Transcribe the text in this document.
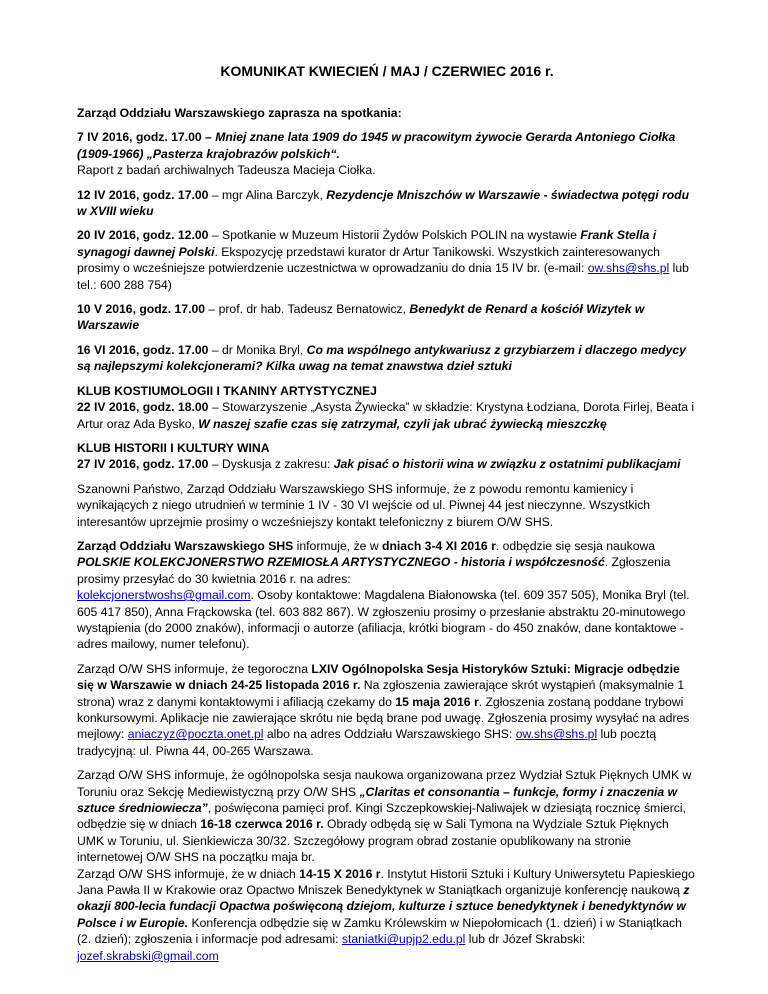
KOMUNIKAT KWIECIEŃ / MAJ / CZERWIEC 2016 r.

Zarząd Oddziału Warszawskiego zaprasza na spotkania:

7 IV 2016, godz. 17.00 – Mniej znane lata 1909 do 1945 w pracowitym żywocie Gerarda Antoniego Ciołka (1909-1966) „Pasterza krajobrazów polskich“.

Raport z badań archiwalnych Tadeusza Macieja Ciołka.

12 IV 2016, godz. 17.00 – mgr Alina Barczyk, Rezydencje Mniszchów w Warszawie - świadectwa potęgi rodu w XVIII wieku

20 IV 2016, godz. 12.00 – Spotkanie w Muzeum Historii Żydów Polskich POLIN na wystawie Frank Stella i synagogi dawnej Polski. Ekspozycję przedstawi kurator dr Artur Tanikowski. Wszystkich zainteresowanych prosimy o wcześniejsze potwierdzenie uczestnictwa w oprowadzaniu do dnia 15 IV br. (e-mail: ow.shs@shs.pl lub tel.: 600 288 754)

10 V 2016, godz. 17.00 – prof. dr hab. Tadeusz Bernatowicz, Benedykt de Renard a kościół Wizytek w Warszawie

16 VI 2016, godz. 17.00 – dr Monika Bryl, Co ma wspólnego antykwariusz z grzybiarzem i dlaczego medycy są najlepszymi kolekcjonerami? Kilka uwag na temat znawstwa dzieł sztuki

KLUB KOSTIUMOLOGII I TKANINY ARTYSTYCZNEJ
22 IV 2016, godz. 18.00 – Stowarzyszenie „Asysta Żywiecka” w składzie: Krystyna Łodziana, Dorota Firlej, Beata i Artur oraz Ada Bysko, W naszej szafie czas się zatrzymał, czyli jak ubrać żywiecką mieszczkę

KLUB HISTORII I KULTURY WINA
27 IV 2016, godz. 17.00 – Dyskusja z zakresu: Jak pisać o historii wina w związku z ostatnimi publikacjami

Szanowni Państwo, Zarząd Oddziału Warszawskiego SHS informuje, że z powodu remontu kamienicy i wynikających z niego utrudnień w terminie 1 IV - 30 VI wejście od ul. Piwnej 44 jest nieczynne. Wszystkich interesantów uprzejmie prosimy o wcześniejszy kontakt telefoniczny z biurem O/W SHS.

Zarząd Oddziału Warszawskiego SHS informuje, że w dniach 3-4 XI 2016 r. odbędzie się sesja naukowa POLSKIE KOLEKCJONERSTWO RZEMIOSŁA ARTYSTYCZNEGO - historia i współczesność. Zgłoszenia prosimy przesyłać do 30 kwietnia 2016 r. na adres:
kolekcjonerstwoshs@gmail.com. Osoby kontaktowe: Magdalena Białonowska (tel. 609 357 505), Monika Bryl (tel. 605 417 850), Anna Frąckowska (tel. 603 882 867). W zgłoszeniu prosimy o przesłanie abstraktu 20-minutowego wystąpienia (do 2000 znaków), informacji o autorze (afiliacja, krótki biogram - do 450 znaków, dane kontaktowe - adres mailowy, numer telefonu).

Zarząd O/W SHS informuje, że tegoroczna LXIV Ogólnopolska Sesja Historyków Sztuki: Migracje odbędzie się w Warszawie w dniach 24-25 listopada 2016 r. Na zgłoszenia zawierające skrót wystąpień (maksymalnie 1 strona) wraz z danymi kontaktowymi i afiliacją czekamy do 15 maja 2016 r. Zgłoszenia zostaną poddane trybowi konkursowymi. Aplikacje nie zawierające skrótu nie będą brane pod uwagę. Zgłoszenia prosimy wysyłać na adres mejlowy: aniaczyz@poczta.onet.pl albo na adres Oddziału Warszawskiego SHS: ow.shs@shs.pl lub pocztą tradycyjną: ul. Piwna 44, 00-265 Warszawa.

Zarząd O/W SHS informuje, że ogólnopolska sesja naukowa organizowana przez Wydział Sztuk Pięknych UMK w Toruniu oraz Sekcję Mediewistyczną przy O/W SHS „Claritas et consonantia – funkcje, formy i znaczenia w sztuce średniowiecza”, poświęcona pamięci prof. Kingi Szczepkowskiej-Naliwajek w dziesiątą rocznicę śmierci, odbędzie się w dniach 16-18 czerwca 2016 r. Obrady odbędą się w Sali Tymona na Wydziale Sztuk Pięknych UMK w Toruniu, ul. Sienkiewicza 30/32. Szczegółowy program obrad zostanie opublikowany na stronie internetowej O/W SHS na początku maja br.

Zarząd O/W SHS informuje, że w dniach 14-15 X 2016 r. Instytut Historii Sztuki i Kultury Uniwersytetu Papieskiego Jana Pawła II w Krakowie oraz Opactwo Mniszek Benedyktynek w Staniątkach organizuje konferencję naukową z okazji 800-lecia fundacji Opactwa poświęconą dziejom, kulturze i sztuce benedyktynek i benedyktynów w Polsce i w Europie. Konferencja odbędzie się w Zamku Królewskim w Niepołomicach (1. dzień) i w Staniątkach (2. dzień); zgłoszenia i informacje pod adresami: staniatki@upjp2.edu.pl lub dr Józef Skrabski: jozef.skrabski@gmail.com
